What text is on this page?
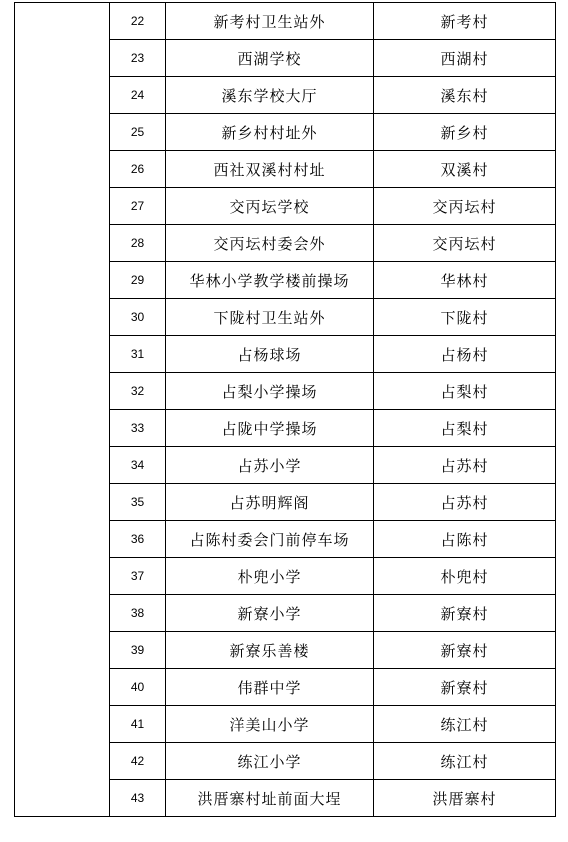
	22	新考村卫生站外	新考村
	23	西湖学校	西湖村
	24	溪东学校大厅	溪东村
	25	新乡村村址外	新乡村
	26	西社双溪村村址	双溪村
	27	交丙坛学校	交丙坛村
	28	交丙坛村委会外	交丙坛村
	29	华林小学教学楼前操场	华林村
	30	下陇村卫生站外	下陇村
	31	占杨球场	占杨村
	32	占梨小学操场	占梨村
	33	占陇中学操场	占梨村
	34	占苏小学	占苏村
	35	占苏明辉阁	占苏村
	36	占陈村委会门前停车场	占陈村
	37	朴兜小学	朴兜村
	38	新寮小学	新寮村
	39	新寮乐善楼	新寮村
	40	伟群中学	新寮村
	41	洋美山小学	练江村
	42	练江小学	练江村
	43	洪厝寨村址前面大埕	洪厝寨村
